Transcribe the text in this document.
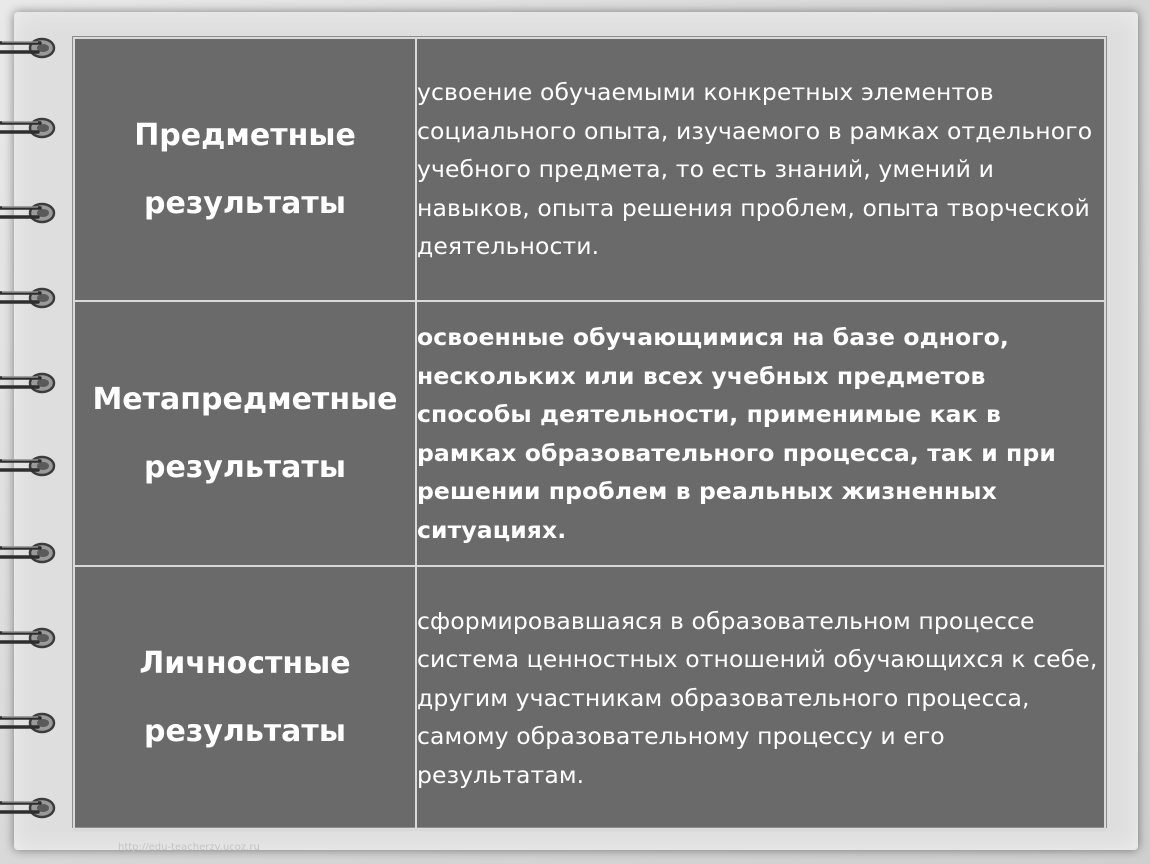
Предметные
результаты	усвоение обучаемыми конкретных элементов социального опыта, изучаемого в рамках отдельного учебного предмета, то есть знаний, умений и навыков, опыта решения проблем, опыта творческой деятельности.

Метапредметные
результаты	освоенные обучающимися на базе одного, нескольких или всех учебных предметов способы деятельности, применимые как в рамках образовательного процесса, так и при решении проблем в реальных жизненных ситуациях.

Личностные
результаты	сформировавшаяся в образовательном процессе система ценностных отношений обучающихся к себе, другим участникам образовательного процесса, самому образовательному процессу и его результатам.
http://edu-teacherzv.ucoz.ru
